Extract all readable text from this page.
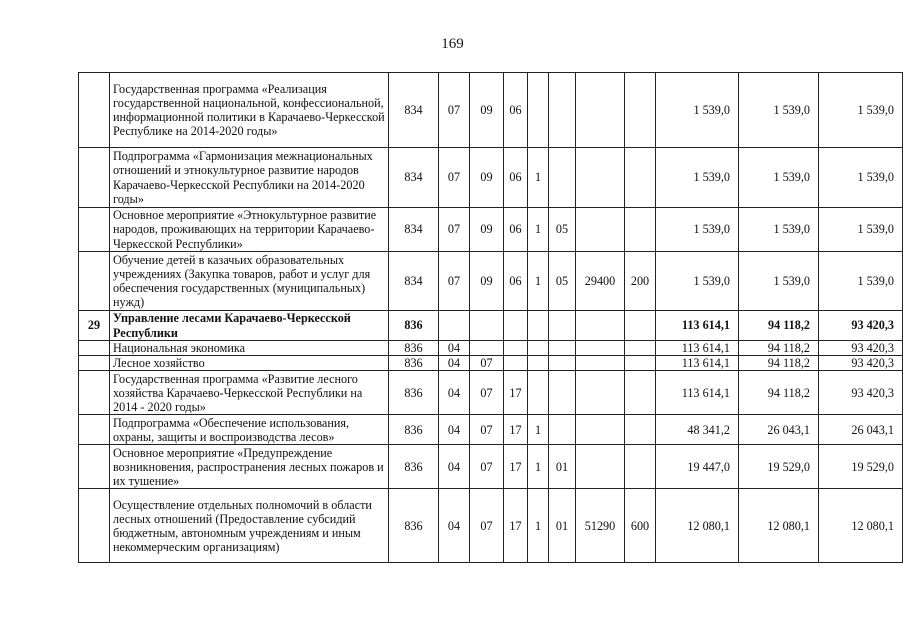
169
	Государственная программа «Реализация государственной национальной, конфессиональной, информационной политики в Карачаево-Черкесской Республике на 2014-2020 годы»	834	07	09	06					1 539,0	1 539,0	1 539,0
	Подпрограмма «Гармонизация межнациональных отношений и этнокультурное развитие народов Карачаево-Черкесской Республики на 2014-2020 годы»	834	07	09	06	1				1 539,0	1 539,0	1 539,0
	Основное мероприятие «Этнокультурное развитие народов, проживающих на территории Карачаево-Черкесской Республики»	834	07	09	06	1	05			1 539,0	1 539,0	1 539,0
	Обучение детей в казачьих образовательных учреждениях (Закупка товаров, работ и услуг для обеспечения государственных (муниципальных) нужд)	834	07	09	06	1	05	29400	200	1 539,0	1 539,0	1 539,0
29	Управление лесами Карачаево-Черкесской Республики	836								113 614,1	94 118,2	93 420,3
	Национальная экономика	836	04							113 614,1	94 118,2	93 420,3
	Лесное хозяйство	836	04	07						113 614,1	94 118,2	93 420,3
	Государственная программа «Развитие лесного хозяйства Карачаево-Черкесской Республики на 2014 - 2020 годы»	836	04	07	17					113 614,1	94 118,2	93 420,3
	Подпрограмма «Обеспечение использования, охраны, защиты и воспроизводства лесов»	836	04	07	17	1				48 341,2	26 043,1	26 043,1
	Основное мероприятие «Предупреждение возникновения, распространения лесных пожаров и их тушение»	836	04	07	17	1	01			19 447,0	19 529,0	19 529,0
	Осуществление отдельных полномочий в области лесных отношений (Предоставление субсидий бюджетным, автономным учреждениям и иным некоммерческим организациям)	836	04	07	17	1	01	51290	600	12 080,1	12 080,1	12 080,1
